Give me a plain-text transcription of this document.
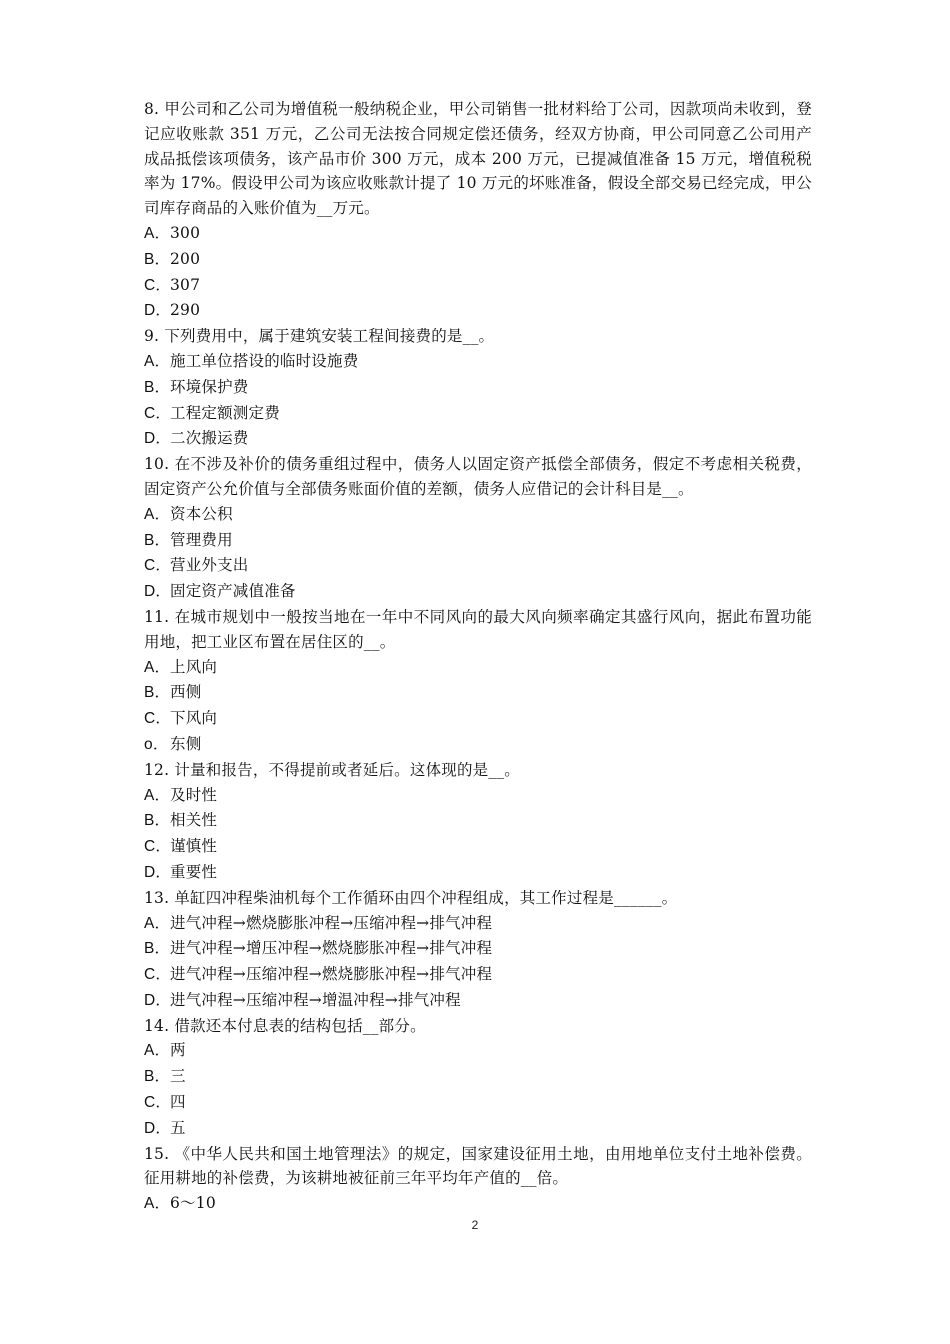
8. 甲公司和乙公司为增值税一般纳税企业，甲公司销售一批材料给丁公司，因款项尚未收到，登记应收账款 351 万元，乙公司无法按合同规定偿还债务，经双方协商，甲公司同意乙公司用产成品抵偿该项债务，该产品市价 300 万元，成本 200 万元，已提减值准备 15 万元，增值税税率为 17%。假设甲公司为该应收账款计提了 10 万元的坏账准备，假设全部交易已经完成，甲公司库存商品的入账价值为__万元。

A．300

B．200

C．307

D．290

9. 下列费用中，属于建筑安装工程间接费的是__。

A．施工单位搭设的临时设施费

B．环境保护费

C．工程定额测定费

D．二次搬运费

10. 在不涉及补价的债务重组过程中，债务人以固定资产抵偿全部债务，假定不考虑相关税费，固定资产公允价值与全部债务账面价值的差额，债务人应借记的会计科目是__。

A．资本公积

B．管理费用

C．营业外支出

D．固定资产减值准备

11. 在城市规划中一般按当地在一年中不同风向的最大风向频率确定其盛行风向，据此布置功能用地，把工业区布置在居住区的__。

A．上风向

B．西侧

C．下风向

o．东侧

12. 计量和报告，不得提前或者延后。这体现的是__。

A．及时性

B．相关性

C．谨慎性

D．重要性

13. 单缸四冲程柴油机每个工作循环由四个冲程组成，其工作过程是______。

A．进气冲程→燃烧膨胀冲程→压缩冲程→排气冲程

B．进气冲程→增压冲程→燃烧膨胀冲程→排气冲程

C．进气冲程→压缩冲程→燃烧膨胀冲程→排气冲程

D．进气冲程→压缩冲程→增温冲程→排气冲程

14. 借款还本付息表的结构包括__部分。

A．两

B．三

C．四

D．五

15. 《中华人民共和国土地管理法》的规定，国家建设征用土地，由用地单位支付土地补偿费。征用耕地的补偿费，为该耕地被征前三年平均年产值的__倍。

A．6～10

2
